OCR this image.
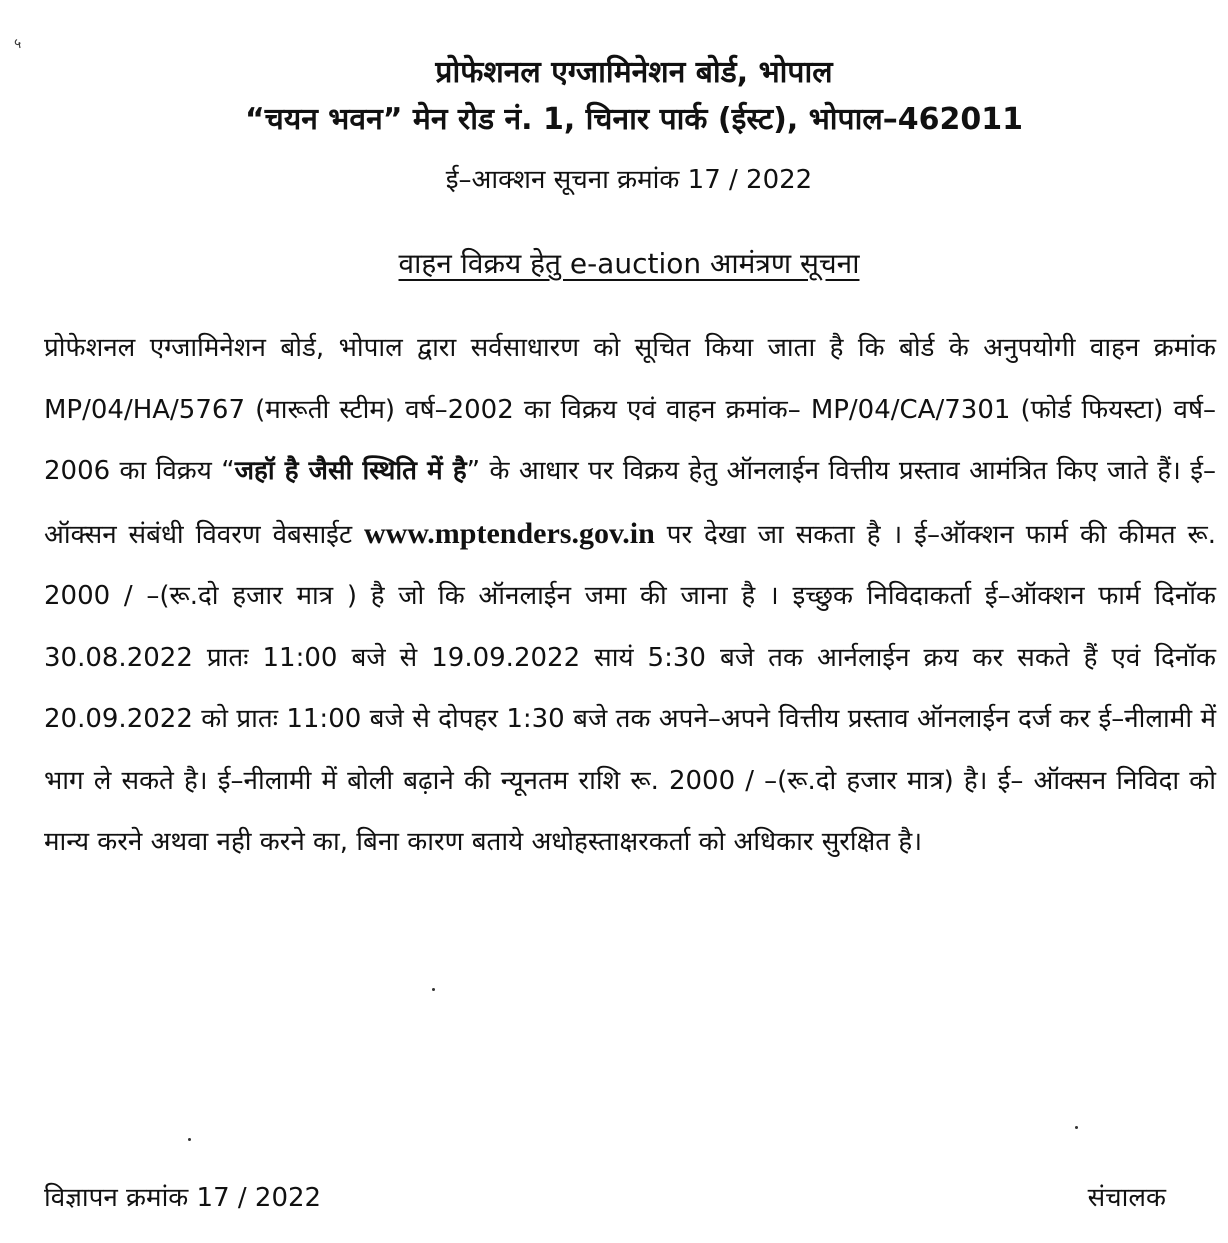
५
प्रोफेशनल एग्जामिनेशन बोर्ड, भोपाल
“चयन भवन” मेन रोड नं. 1, चिनार पार्क (ईस्ट), भोपाल–462011
ई–आक्शन सूचना क्रमांक 17 / 2022
वाहन विक्रय हेतु e-auction आमंत्रण सूचना
प्रोफेशनल एग्जामिनेशन बोर्ड, भोपाल द्वारा सर्वसाधारण को सूचित किया जाता है कि बोर्ड के अनुपयोगी वाहन क्रमांक MP/04/HA/5767 (मारूती स्टीम) वर्ष–2002 का विक्रय एवं वाहन क्रमांक– MP/04/CA/7301 (फोर्ड फियस्टा) वर्ष–2006 का विक्रय “जहॉ है जैसी स्थिति में है” के आधार पर विक्रय हेतु ऑनलाईन वित्तीय प्रस्ताव आमंत्रित किए जाते हैं। ई–ऑक्सन संबंधी विवरण वेबसाईट www.mptenders.gov.in पर देखा जा सकता है । ई–ऑक्शन फार्म की कीमत रू. 2000 / –(रू.दो हजार मात्र ) है जो कि ऑनलाईन जमा की जाना है । इच्छुक निविदाकर्ता ई–ऑक्शन फार्म दिनॉक 30.08.2022 प्रातः 11:00 बजे से 19.09.2022 सायं 5:30 बजे तक आर्नलाईन क्रय कर सकते हैं एवं दिनॉक 20.09.2022 को प्रातः 11:00 बजे से दोपहर 1:30 बजे तक अपने–अपने वित्तीय प्रस्ताव ऑनलाईन दर्ज कर ई–नीलामी में भाग ले सकते है। ई–नीलामी में बोली बढ़ाने की न्यूनतम राशि रू. 2000 / –(रू.दो हजार मात्र) है। ई– ऑक्सन निविदा को मान्य करने अथवा नही करने का, बिना कारण बताये अधोहस्ताक्षरकर्ता को अधिकार सुरक्षित है।
विज्ञापन क्रमांक 17 / 2022	संचालक
